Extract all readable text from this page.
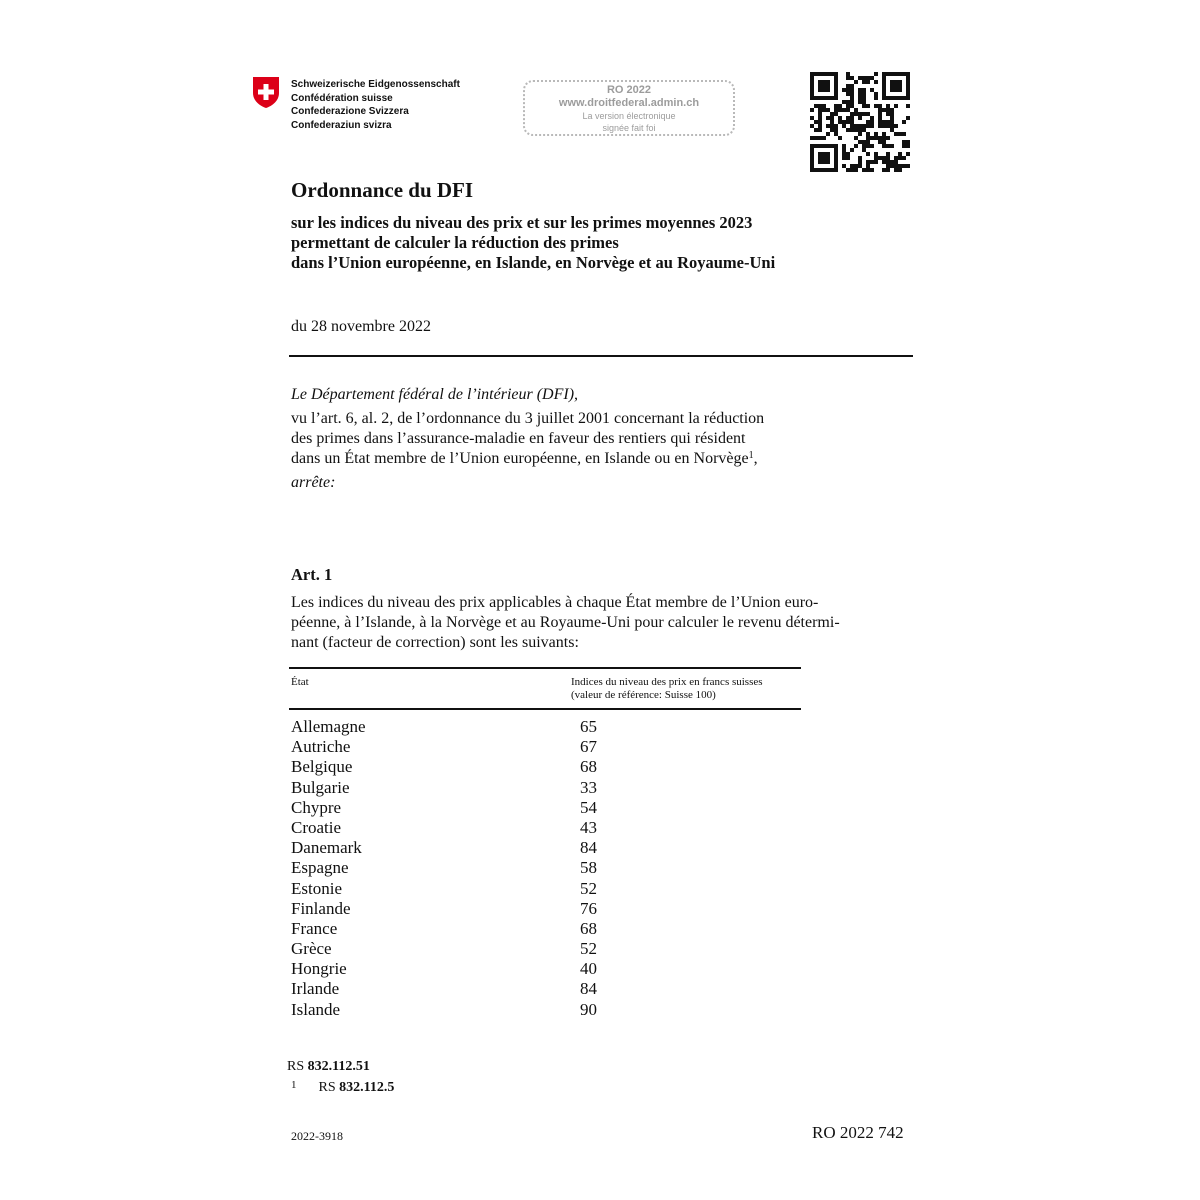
Schweizerische Eidgenossenschaft
Confédération suisse
Confederazione Svizzera
Confederaziun svizra
RO 2022
www.droitfederal.admin.ch
La version électronique
signée fait foi
Ordonnance du DFI
sur les indices du niveau des prix et sur les primes moyennes 2023
permettant de calculer la réduction des primes
dans l’Union européenne, en Islande, en Norvège et au Royaume-Uni
du 28 novembre 2022
Le Département fédéral de l’intérieur (DFI),
vu l’art. 6, al. 2, de l’ordonnance du 3 juillet 2001 concernant la réduction
des primes dans l’assurance-maladie en faveur des rentiers qui résident
dans un État membre de l’Union européenne, en Islande ou en Norvège$^1$,
arrête:
Art. 1
Les indices du niveau des prix applicables à chaque État membre de l’Union euro-
péenne, à l’Islande, à la Norvège et au Royaume-Uni pour calculer le revenu détermi-
nant (facteur de correction) sont les suivants:
État	Indices du niveau des prix en francs suisses
(valeur de référence: Suisse 100)
Allemagne	65
Autriche	67
Belgique	68
Bulgarie	33
Chypre	54
Croatie	43
Danemark	84
Espagne	58
Estonie	52
Finlande	76
France	68
Grèce	52
Hongrie	40
Irlande	84
Islande	90
RS 832.112.51
$^1$ RS 832.112.5
2022-3918	RO 2022 742
